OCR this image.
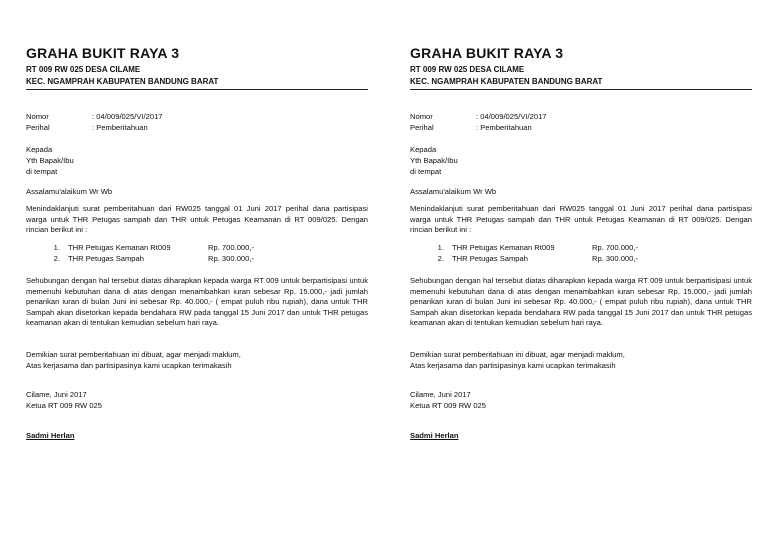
GRAHA BUKIT RAYA 3
RT 009 RW 025 DESA CILAME
KEC. NGAMPRAH KABUPATEN BANDUNG BARAT
Nomor	: 04/009/025/VI/2017
Perihal	: Pemberitahuan
Kepada
Yth Bapak/Ibu
di tempat
Assalamu'alaikum Wr Wb
Menindaklanjuti surat pemberitahuan dari RW025 tanggal 01 Juni 2017 perihal dana partisipasi warga untuk THR Petugas sampah dan THR untuk Petugas Keamanan di RT 009/025. Dengan rincian berikut ini :
1. THR Petugas Kemanan Rt009	Rp. 700.000,-
2. THR Petugas Sampah	Rp. 300.000,-
Sehubungan dengan hal tersebut diatas diharapkan kepada warga RT 009 untuk berpartisipasi untuk memenuhi kebutuhan dana di atas dengan menambahkan iuran sebesar Rp. 15.000,- jadi jumlah penarikan iuran di bulan Juni ini sebesar Rp. 40.000,- ( empat puluh ribu rupiah), dana untuk THR Sampah akan disetorkan kepada bendahara RW pada tanggal 15 Juni 2017 dan untuk THR petugas keamanan akan di tentukan kemudian sebelum hari raya.
Demikian surat pemberitahuan ini dibuat, agar menjadi maklum,
Atas kerjasama dan partisipasinya kami ucapkan terimakasih
Cilame, Juni 2017
Ketua RT 009 RW 025
Sadmi Herlan
GRAHA BUKIT RAYA 3
RT 009 RW 025 DESA CILAME
KEC. NGAMPRAH KABUPATEN BANDUNG BARAT
Nomor	: 04/009/025/VI/2017
Perihal	: Pemberitahuan
Kepada
Yth Bapak/Ibu
di tempat
Assalamu'alaikum Wr Wb
Menindaklanjuti surat pemberitahuan dari RW025 tanggal 01 Juni 2017 perihal dana partisipasi warga untuk THR Petugas sampah dan THR untuk Petugas Keamanan di RT 009/025. Dengan rincian berikut ini :
1. THR Petugas Kemanan Rt009	Rp. 700.000,-
2. THR Petugas Sampah	Rp. 300.000,-
Sehubungan dengan hal tersebut diatas diharapkan kepada warga RT 009 untuk berpartisipasi untuk memenuhi kebutuhan dana di atas dengan menambahkan iuran sebesar Rp. 15.000,- jadi jumlah penarikan iuran di bulan Juni ini sebesar Rp. 40.000,- ( empat puluh ribu rupiah), dana untuk THR Sampah akan disetorkan kepada bendahara RW pada tanggal 15 Juni 2017 dan untuk THR petugas keamanan akan di tentukan kemudian sebelum hari raya.
Demikian surat pemberitahuan ini dibuat, agar menjadi maklum,
Atas kerjasama dan partisipasinya kami ucapkan terimakasih
Cilame, Juni 2017
Ketua RT 009 RW 025
Sadmi Herlan
